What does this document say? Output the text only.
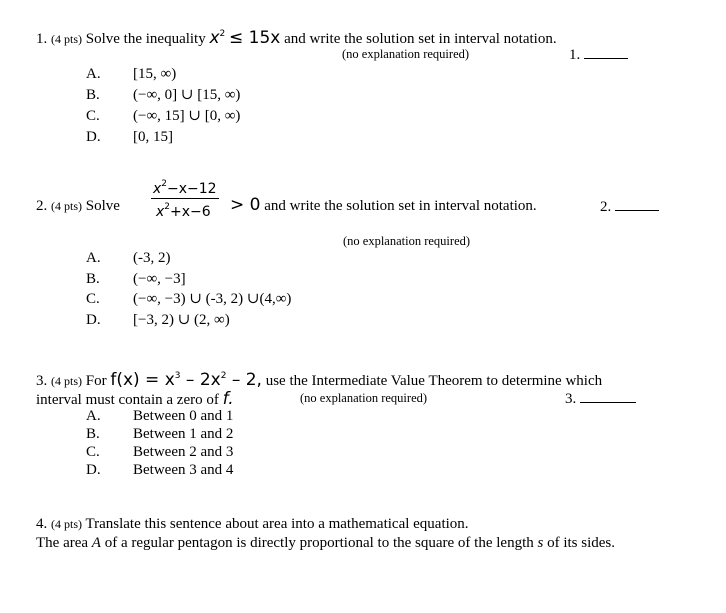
1. (4 pts) Solve the inequality $x^2 \le 15x$ and write the solution set in interval notation.
(no explanation required)	1.
A. [15, ∞)
B. (−∞, 0] ∪ [15, ∞)
C. (−∞, 15] ∪ [0, ∞)
D. [0, 15]
2. (4 pts) Solve
$x^2-x-12$
$x^2+x-6 > 0$ and write the solution set in interval notation.	2.
(no explanation required)
A. (-3, 2)
B. (−∞, −3]
C. (−∞, −3) ∪ (-3, 2) ∪(4,∞)
D. [−3, 2) ∪ (2, ∞)
3. (4 pts) For $f(x) = x^3 - 2x^2 - 2$, use the Intermediate Value Theorem to determine which
interval must contain a zero of f.	(no explanation required)	3.
A. Between 0 and 1
B. Between 1 and 2
C. Between 2 and 3
D. Between 3 and 4
4. (4 pts) Translate this sentence about area into a mathematical equation.
The area A of a regular pentagon is directly proportional to the square of the length s of its sides.
